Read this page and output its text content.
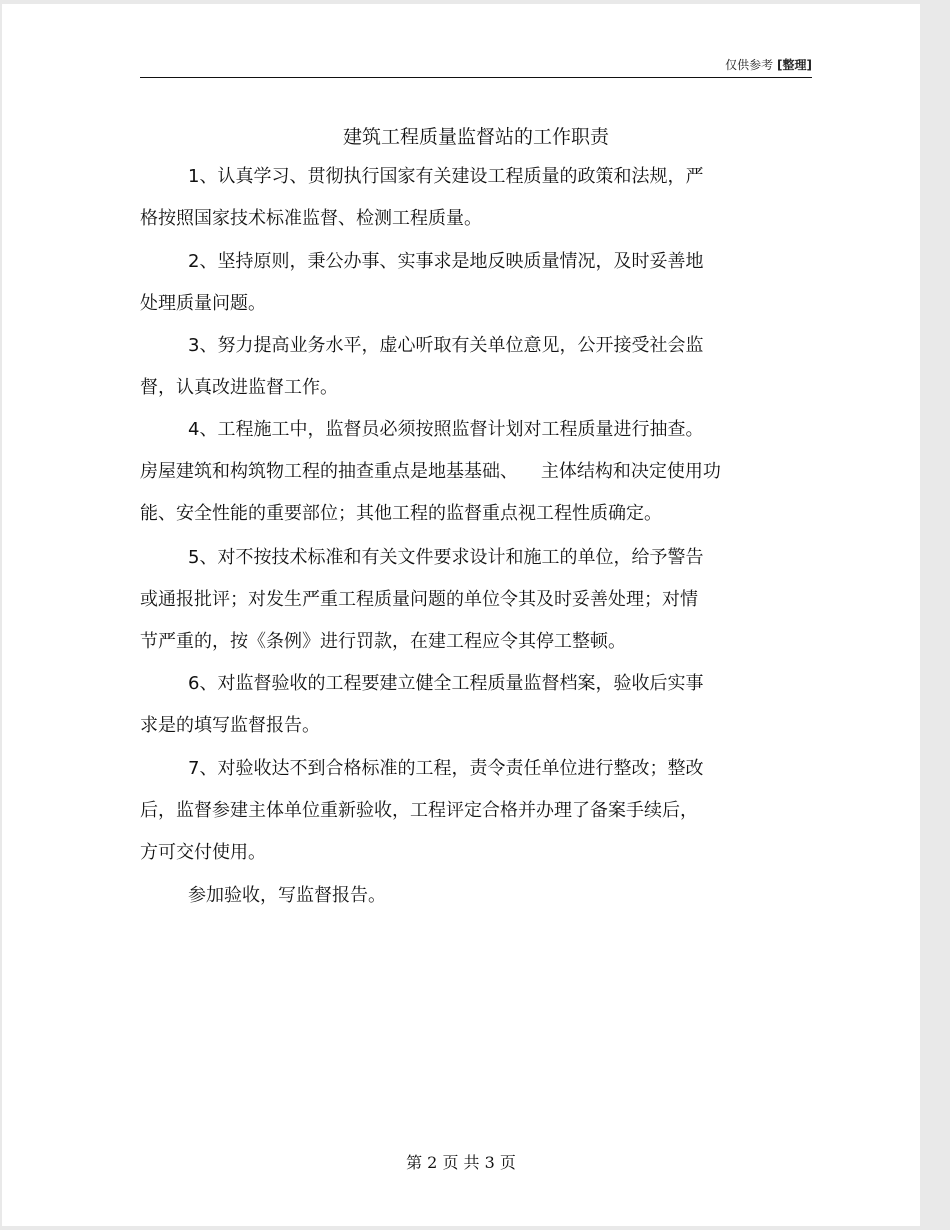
仅供参考 [整理]
建筑工程质量监督站的工作职责
1、认真学习、贯彻执行国家有关建设工程质量的政策和法规，严
格按照国家技术标准监督、检测工程质量。
2、坚持原则，秉公办事、实事求是地反映质量情况，及时妥善地
处理质量问题。
3、努力提高业务水平，虚心听取有关单位意见，公开接受社会监
督，认真改进监督工作。
4、工程施工中，监督员必须按照监督计划对工程质量进行抽查。
房屋建筑和构筑物工程的抽查重点是地基基础、    主体结构和决定使用功
能、安全性能的重要部位；其他工程的监督重点视工程性质确定。
5、对不按技术标准和有关文件要求设计和施工的单位，给予警告
或通报批评；对发生严重工程质量问题的单位令其及时妥善处理；对情
节严重的，按《条例》进行罚款，在建工程应令其停工整顿。
6、对监督验收的工程要建立健全工程质量监督档案，验收后实事
求是的填写监督报告。
7、对验收达不到合格标准的工程，责令责任单位进行整改；整改
后，监督参建主体单位重新验收，工程评定合格并办理了备案手续后，
方可交付使用。
参加验收，写监督报告。
第 2 页 共 3 页
